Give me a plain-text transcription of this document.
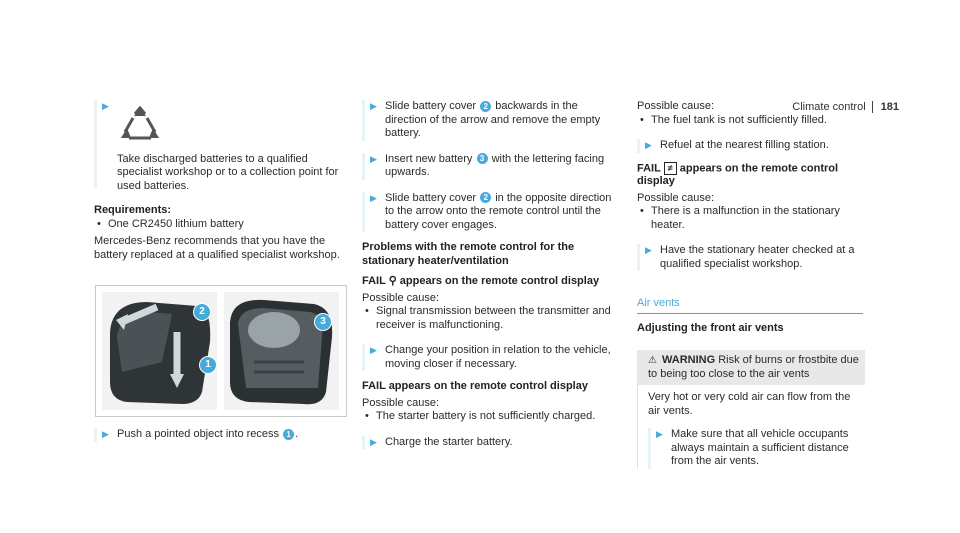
Climate control 181
▶

Take discharged batteries to a qualified specialist workshop or to a collection point for used batteries.

Requirements:
• One CR2450 lithium battery

Mercedes-Benz recommends that you have the battery replaced at a qualified specialist workshop.

2
1
3
▶ Push a pointed object into recess 1 .
▶ Slide battery cover 2 backwards in the direction of the arrow and remove the empty battery.
▶ Insert new battery 3 with the lettering facing upwards.
▶ Slide battery cover 2 in the opposite direction to the arrow onto the remote control until the battery cover engages.
Problems with the remote control for the stationary heater/ventilation
FAIL ⚲ appears on the remote control display

Possible cause:

• Signal transmission between the transmitter and receiver is malfunctioning.
▶ Change your position in relation to the vehicle, moving closer if necessary.
FAIL appears on the remote control display

Possible cause:

• The starter battery is not sufficiently charged.
▶ Charge the starter battery.

Possible cause:

• The fuel tank is not sufficiently filled.
▶ Refuel at the nearest filling station.
FAIL ≠ appears on the remote control display

Possible cause:

• There is a malfunction in the stationary heater.
▶ Have the stationary heater checked at a qualified specialist workshop.
Air vents
Adjusting the front air vents
⚠ WARNING Risk of burns or frostbite due to being too close to the air vents

Very hot or very cold air can flow from the air vents.

▶ Make sure that all vehicle occupants always maintain a sufficient distance from the air vents.
